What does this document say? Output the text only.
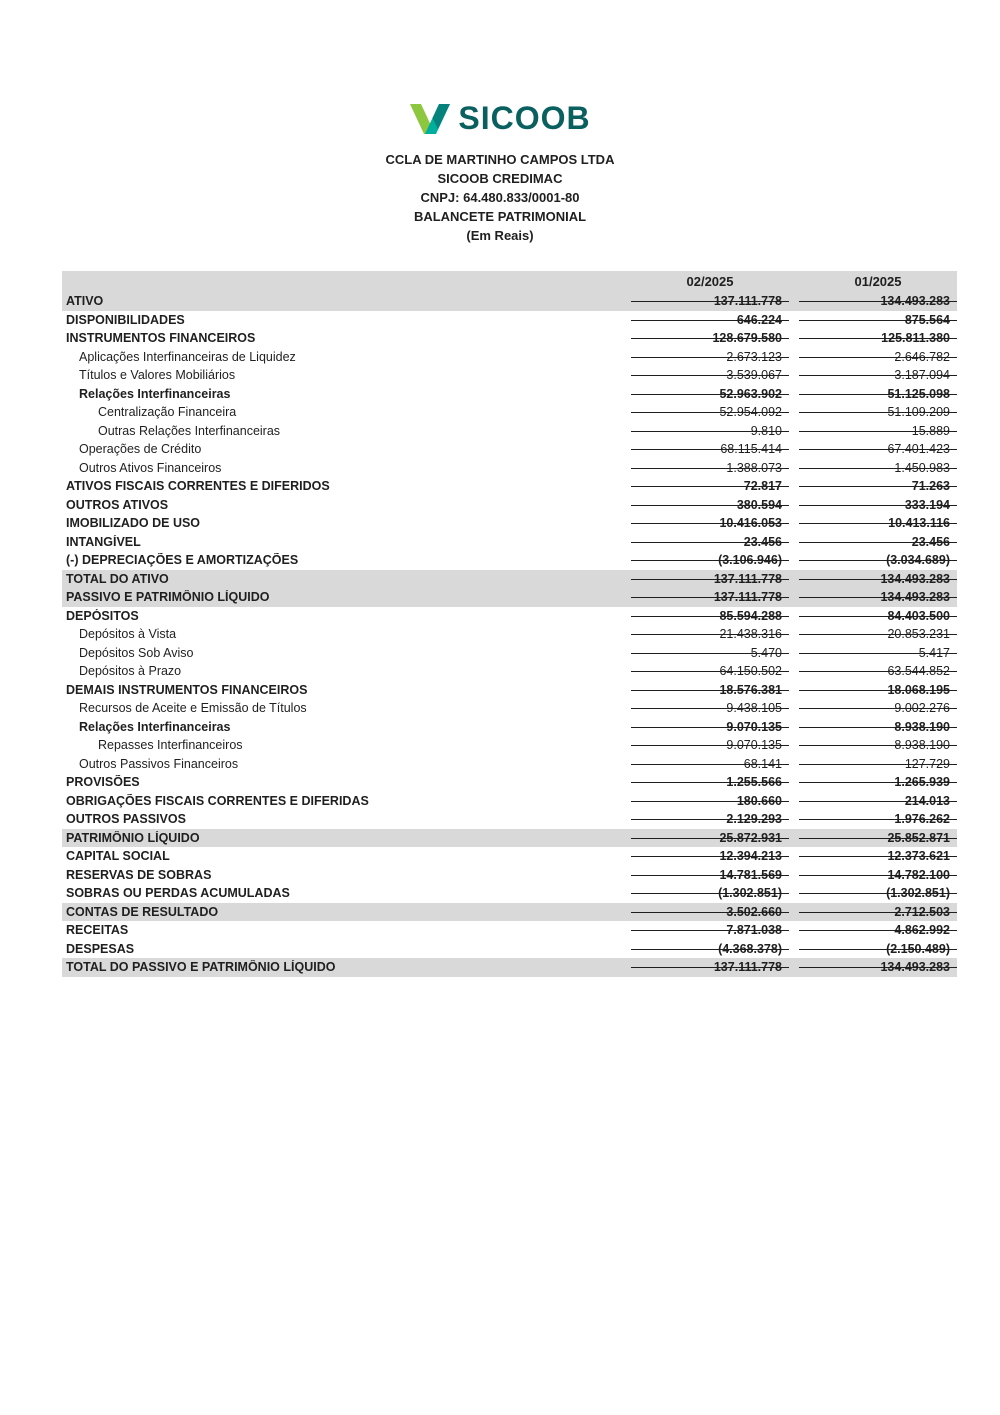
SICOOB
CCLA DE MARTINHO CAMPOS LTDA
SICOOB CREDIMAC
CNPJ: 64.480.833/0001-80
BALANCETE PATRIMONIAL
(Em Reais)
02/2025	01/2025
ATIVO	137.111.778	134.493.283
DISPONIBILIDADES	646.224	875.564
INSTRUMENTOS FINANCEIROS	128.679.580	125.811.380
Aplicações Interfinanceiras de Liquidez	2.673.123	2.646.782
Títulos e Valores Mobiliários	3.539.067	3.187.094
Relações Interfinanceiras	52.963.902	51.125.098
Centralização Financeira	52.954.092	51.109.209
Outras Relações Interfinanceiras	9.810	15.889
Operações de Crédito	68.115.414	67.401.423
Outros Ativos Financeiros	1.388.073	1.450.983
ATIVOS FISCAIS CORRENTES E DIFERIDOS	72.817	71.263
OUTROS ATIVOS	380.594	333.194
IMOBILIZADO DE USO	10.416.053	10.413.116
INTANGÍVEL	23.456	23.456
(-) DEPRECIAÇÕES E AMORTIZAÇÕES	(3.106.946)	(3.034.689)
TOTAL DO ATIVO	137.111.778	134.493.283
PASSIVO E PATRIMÔNIO LÍQUIDO	137.111.778	134.493.283
DEPÓSITOS	85.594.288	84.403.500
Depósitos à Vista	21.438.316	20.853.231
Depósitos Sob Aviso	5.470	5.417
Depósitos à Prazo	64.150.502	63.544.852
DEMAIS INSTRUMENTOS FINANCEIROS	18.576.381	18.068.195
Recursos de Aceite e Emissão de Títulos	9.438.105	9.002.276
Relações Interfinanceiras	9.070.135	8.938.190
Repasses Interfinanceiros	9.070.135	8.938.190
Outros Passivos Financeiros	68.141	127.729
PROVISÕES	1.255.566	1.265.939
OBRIGAÇÕES FISCAIS CORRENTES E DIFERIDAS	180.660	214.013
OUTROS PASSIVOS	2.129.293	1.976.262
PATRIMÔNIO LÍQUIDO	25.872.931	25.852.871
CAPITAL SOCIAL	12.394.213	12.373.621
RESERVAS DE SOBRAS	14.781.569	14.782.100
SOBRAS OU PERDAS ACUMULADAS	(1.302.851)	(1.302.851)
CONTAS DE RESULTADO	3.502.660	2.712.503
RECEITAS	7.871.038	4.862.992
DESPESAS	(4.368.378)	(2.150.489)
TOTAL DO PASSIVO E PATRIMÔNIO LÍQUIDO	137.111.778	134.493.283
